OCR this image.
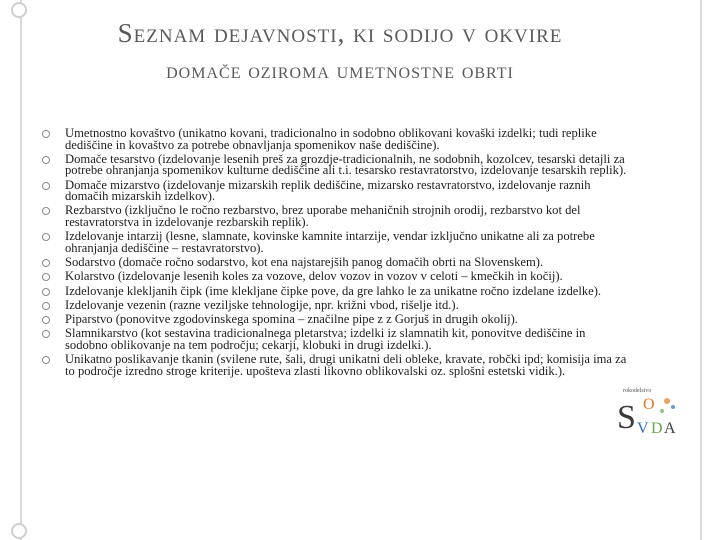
Seznam dejavnosti, ki sodijo v okvire
domače oziroma umetnostne obrti
Umetnostno kovaštvo (unikatno kovani, tradicionalno in sodobno oblikovani kovaški izdelki; tudi replike dediščine in kovaštvo za potrebe obnavljanja spomenikov naše dediščine).
Domače tesarstvo (izdelovanje lesenih preš za grozdje-tradicionalnih, ne sodobnih, kozolcev, tesarski detajli za potrebe ohranjanja spomenikov kulturne dediščine ali t.i. tesarsko restavratorstvo, izdelovanje tesarskih replik).
Domače mizarstvo (izdelovanje mizarskih replik dediščine, mizarsko restavratorstvo, izdelovanje raznih domačih mizarskih izdelkov).
Rezbarstvo (izključno le ročno rezbarstvo, brez uporabe mehaničnih strojnih orodij, rezbarstvo kot del restavratorstva in izdelovanje rezbarskih replik).
Izdelovanje intarzij (lesne, slamnate, kovinske kamnite intarzije, vendar izključno unikatne ali za potrebe ohranjanja dediščine – restavratorstvo).
Sodarstvo (domače ročno sodarstvo, kot ena najstarejših panog domačih obrti na Slovenskem).
Kolarstvo (izdelovanje lesenih koles za vozove, delov vozov in vozov v celoti – kmečkih in kočij).
Izdelovanje klekljanih čipk (ime klekljane čipke pove, da gre lahko le za unikatne ročno izdelane izdelke).
Izdelovanje vezenin (razne veziljske tehnologije, npr. križni vbod, rišelje itd.).
Piparstvo (ponovitve zgodovinskega spomina – značilne pipe z z Gorjuš in drugih okolij).
Slamnikarstvo (kot sestavina tradicionalnega pletarstva; izdelki iz slamnatih kit, ponovitve dediščine in sodobno oblikovanje na tem področju; cekarji, klobuki in drugi izdelki.).
Unikatno poslikavanje tkanin (svilene rute, šali, drugi unikatni deli obleke, kravate, robčki ipd; komisija ima za to področje izredno stroge kriterije. upošteva zlasti likovno oblikovalski oz. splošni estetski vidik.).
rokodelstvo
S O
V D A
